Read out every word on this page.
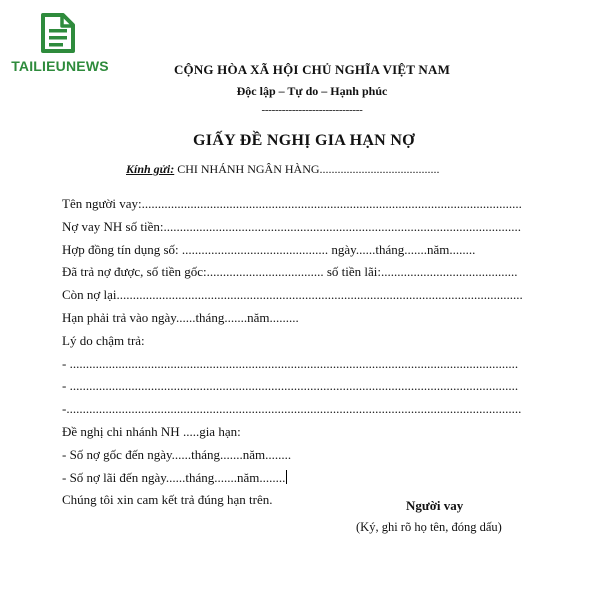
TAILIEUNEWS	CỘNG HÒA XÃ HỘI CHỦ NGHĨA VIỆT NAM
Độc lập – Tự do – Hạnh phúc
------------------------------
GIẤY ĐỀ NGHỊ GIA HẠN NỢ
Kính gửi: CHI NHÁNH NGÂN HÀNG........................................
Tên người vay:.....................................................................................................................
Nợ vay NH số tiền:..............................................................................................................
Hợp đồng tín dụng số: ............................................. ngày......tháng.......năm........
Đã trả nợ được, số tiền gốc:.................................... số tiền lãi:..........................................
Còn nợ lại.............................................................................................................................
Hạn phải trả vào ngày......tháng.......năm.........
Lý do chậm trả:
- ..........................................................................................................................................
- ..........................................................................................................................................
-............................................................................................................................................
Đề nghị chi nhánh NH .....gia hạn:
- Số nợ gốc đến ngày......tháng.......năm........
- Số nợ lãi đến ngày......tháng.......năm........
Chúng tôi xin cam kết trả đúng hạn trên.	Người vay
(Ký, ghi rõ họ tên, đóng dấu)
